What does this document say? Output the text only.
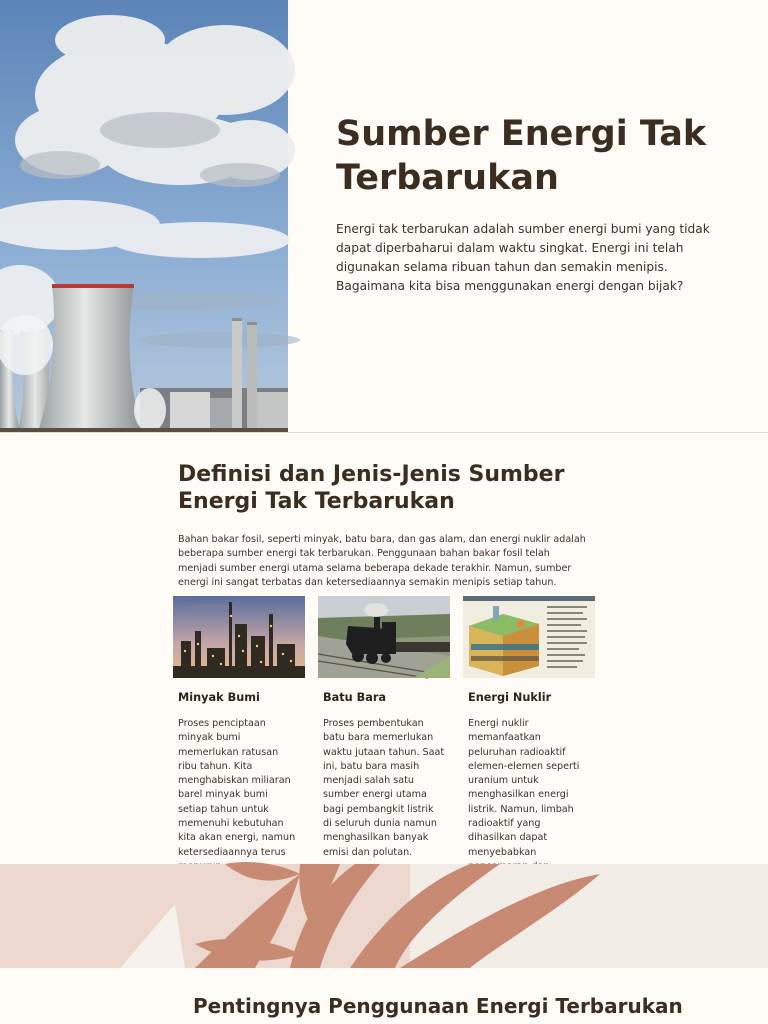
Sumber Energi Tak Terbarukan

Energi tak terbarukan adalah sumber energi bumi yang tidak dapat diperbaharui dalam waktu singkat. Energi ini telah digunakan selama ribuan tahun dan semakin menipis. Bagaimana kita bisa menggunakan energi dengan bijak?

Definisi dan Jenis-Jenis Sumber Energi Tak Terbarukan

Bahan bakar fosil, seperti minyak, batu bara, dan gas alam, dan energi nuklir adalah beberapa sumber energi tak terbarukan. Penggunaan bahan bakar fosil telah menjadi sumber energi utama selama beberapa dekade terakhir. Namun, sumber energi ini sangat terbatas dan ketersediaannya semakin menipis setiap tahun.

Minyak Bumi
Proses penciptaan minyak bumi memerlukan ratusan ribu tahun. Kita menghabiskan miliaran barel minyak bumi setiap tahun untuk memenuhi kebutuhan kita akan energi, namun ketersediaannya terus
Batu Bara
Proses pembentukan batu bara memerlukan waktu jutaan tahun. Saat ini, batu bara masih menjadi salah satu sumber energi utama bagi pembangkit listrik di seluruh dunia namun menghasilkan banyak emisi dan polutan.
Energi Nuklir
Energi nuklir memanfaatkan peluruhan radioaktif elemen-elemen seperti uranium untuk menghasilkan energi listrik. Namun, limbah radioaktif yang dihasilkan dapat menyebabkan
Pentingnya Penggunaan Energi Terbarukan
